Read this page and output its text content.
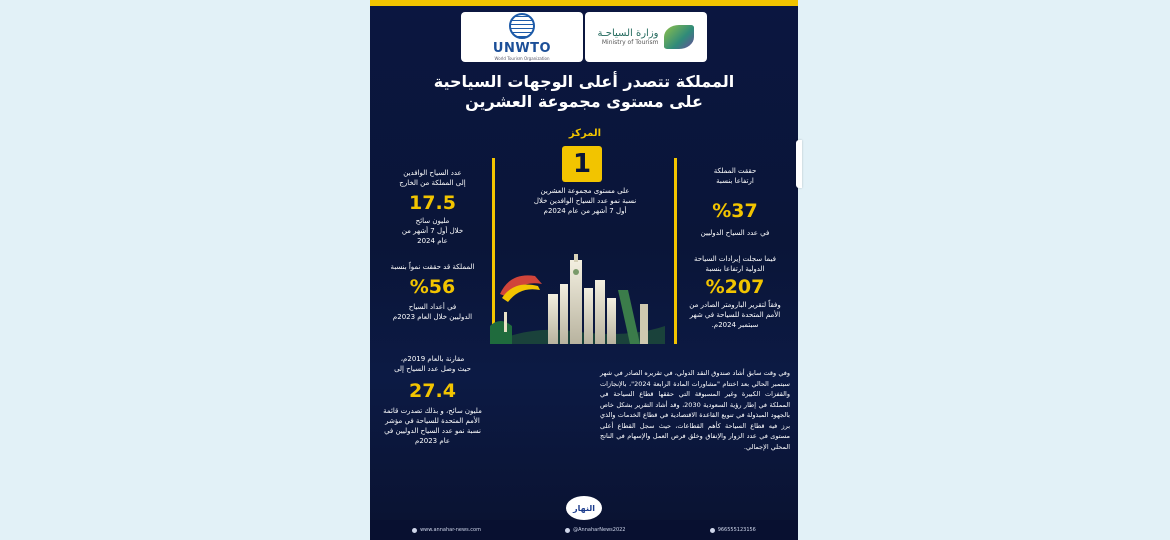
UNWTO
World Tourism Organization
وزارة السياحـة
Ministry of Tourism
المملكة تتصدر أعلى الوجهات السياحية
على مستوى مجموعة العشرين
المركز
1
على مستوى مجموعة العشرين
نسبة نمو عدد السياح الوافدين خلال
أول 7 أشهر من عام 2024م
حققت المملكة
ارتفاعا بنسبة
%37
في عدد السياح الدوليين
فيما سجلت إيرادات السياحة
الدولية ارتفاعا بنسبة
%207
وفقاً لتقرير البارومتر الصادر من
الأمم المتحدة للسياحة في شهر
سبتمبر 2024م.
عدد السياح الوافدين
إلى المملكة من الخارج
17.5
مليون سائح
خلال أول 7 أشهر من
عام 2024
المملكة قد حققت نمواً بنسبة
%56
في أعداد السياح
الدوليين خلال العام 2023م
مقارنة بالعام 2019م،
حيث وصل عدد السياح إلى
27.4
مليون سائح، و بذلك تصدرت قائمة
الأمم المتحدة للسياحة في مؤشر
نسبة نمو عدد السياح الدوليين في
عام 2023م
وفي وقت سابق أشاد صندوق النقد الدولي، في تقريره الصادر في شهر سبتمبر الحالي بعد اختتام "مشاورات المادة الرابعة 2024"، بالإنجازات والقفزات الكبيرة وغير المسبوقة التي حققها قطاع السياحة في المملكة في إطار رؤية السعودية 2030، وقد أشاد التقرير بشكل خاص بالجهود المبذولة في تنويع القاعدة الاقتصادية في قطاع الخدمات والذي برز فيه قطاع السياحة كأهم القطاعات، حيث سجل القطاع أعلى مستوى في عدد الزوار والإنفاق وخلق فرص العمل والإسهام في الناتج المحلي الإجمالي.
النهار
www.annahar-news.com	@AnnaharNews2022	966555123156
